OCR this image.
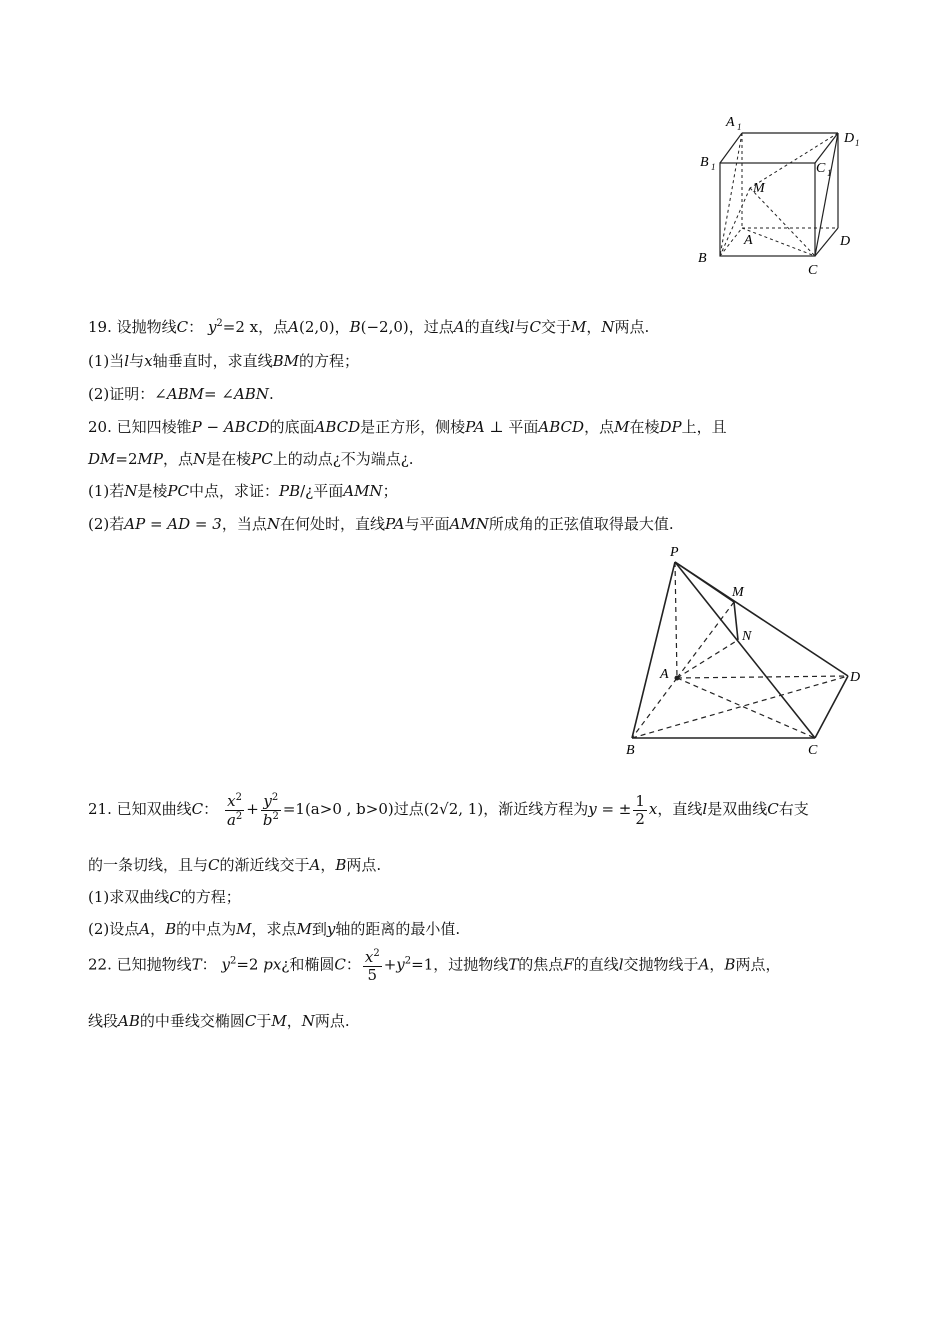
A 1
B 1	C 1
D 1
M
A
B
C
D
19. 设抛物线C： $y^2=2$ x，点A(2,0)，B(−2,0)，过点A的直线l与C交于M，N两点.
(1)当l与x轴垂直时，求直线BM的方程；
(2)证明：∠ABM= ∠ABN.
20. 已知四棱锥P − ABCD的底面ABCD是正方形，侧棱PA ⊥ 平面ABCD，点M在棱DP上，且
DM=2MP，点N是在棱PC上的动点¿不为端点¿.
(1)若N是棱PC中点，求证：PB/¿平面AMN；
(2)若AP = AD = 3，当点N在何处时，直线PA与平面AMN所成角的正弦值取得最大值.
P
M
N
A	D
B	C
21. 已知双曲线C： $\frac{x^2}{a^2} + \frac{y^2}{b^2} =1(a>0$ , b>0)过点(2√2, 1)，渐近线方程为y = ± $\frac{1}{2}$ x，直线l是双曲线C右支
的一条切线，且与C的渐近线交于A，B两点.
(1)求双曲线C的方程；
(2)设点A，B的中点为M，求点M到y轴的距离的最小值.
22. 已知抛物线T： $y^2=2$ px¿和椭圆C： $\frac{x^2}{5} +y^2=1$，过抛物线T的焦点F的直线l交抛物线于A，B两点，
线段AB的中垂线交椭圆C于M，N两点.
